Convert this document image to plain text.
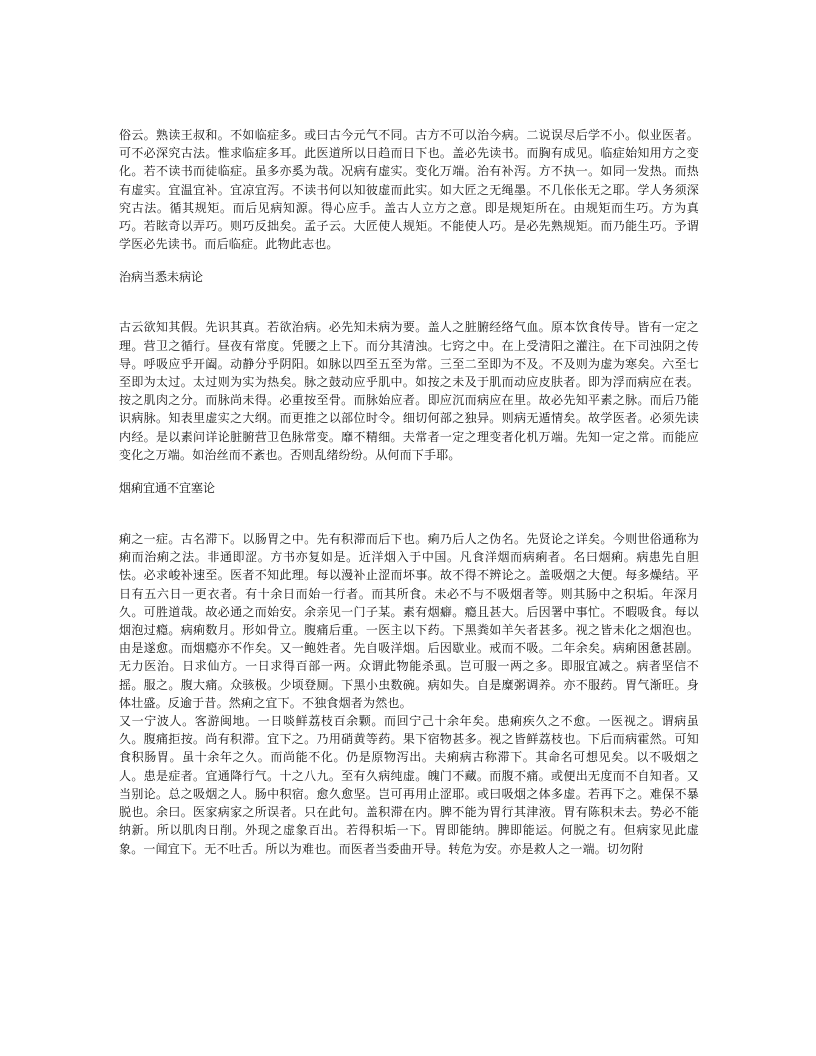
俗云。熟读王叔和。不如临症多。或曰古今元气不同。古方不可以治今病。二说误尽后学不小。似业医者。可不必深究古法。惟求临症多耳。此医道所以日趋而日下也。盖必先读书。而胸有成见。临症始知用方之变化。若不读书而徒临症。虽多亦奚为哉。况病有虚实。变化万端。治有补泻。方不执一。如同一发热。而热有虚实。宜温宜补。宜凉宜泻。不读书何以知彼虚而此实。如大匠之无绳墨。不几伥伥无之耶。学人务须深究古法。循其规矩。而后见病知源。得心应手。盖古人立方之意。即是规矩所在。由规矩而生巧。方为真巧。若眩奇以弄巧。则巧反拙矣。孟子云。大匠使人规矩。不能使人巧。是必先熟规矩。而乃能生巧。予谓学医必先读书。而后临症。此物此志也。

治病当悉未病论

古云欲知其假。先识其真。若欲治病。必先知未病为要。盖人之脏腑经络气血。原本饮食传导。皆有一定之理。营卫之循行。昼夜有常度。凭腰之上下。而分其清浊。七窍之中。在上受清阳之灌注。在下司浊阴之传导。呼吸应乎开阖。动静分乎阴阳。如脉以四至五至为常。三至二至即为不及。不及则为虚为寒矣。六至七至即为太过。太过则为实为热矣。脉之鼓动应乎肌中。如按之未及于肌而动应皮肤者。即为浮而病应在表。按之肌肉之分。而脉尚未得。必重按至骨。而脉始应者。即应沉而病应在里。故必先知平素之脉。而后乃能识病脉。知表里虚实之大纲。而更推之以部位时令。细切何部之独异。则病无遁情矣。故学医者。必须先读内经。是以素问详论脏腑营卫色脉常变。靡不精细。夫常者一定之理变者化机万端。先知一定之常。而能应变化之万端。如治丝而不紊也。否则乱绪纷纷。从何而下手耶。

烟痢宜通不宜塞论

痢之一症。古名滞下。以肠胃之中。先有积滞而后下也。痢乃后人之伪名。先贤论之详矣。今则世俗通称为痢而治痢之法。非通即涩。方书亦复如是。近洋烟入于中国。凡食洋烟而病痢者。名曰烟痢。病患先自胆怯。必求峻补速至。医者不知此理。每以漫补止涩而坏事。故不得不辨论之。盖吸烟之大便。每多燥结。平日有五六日一更衣者。有十余日而始一行者。而其所食。未必不与不吸烟者等。则其肠中之积垢。年深月久。可胜道哉。故必通之而始安。余亲见一门子某。素有烟癖。瘾且甚大。后因署中事忙。不暇吸食。每以烟泡过瘾。病痢数月。形如骨立。腹痛后重。一医主以下药。下黑粪如羊矢者甚多。视之皆未化之烟泡也。由是遂愈。而烟瘾亦不作矣。又一鲍姓者。先自吸洋烟。后因歇业。戒而不吸。二年余矣。病痢困惫甚剧。无力医治。日求仙方。一日求得百部一两。众谓此物能杀虱。岂可服一两之多。即服宜减之。病者坚信不摇。服之。腹大痛。众骇极。少顷登厕。下黑小虫数碗。病如失。自是糜粥调养。亦不服药。胃气渐旺。身体壮盛。反逾于昔。然痢之宜下。不独食烟者为然也。

又一宁波人。客游闽地。一日啖鲜荔枝百余颗。而回宁己十余年矣。患痢疾久之不愈。一医视之。谓病虽久。腹痛拒按。尚有积滞。宜下之。乃用硝黄等药。果下宿物甚多。视之皆鲜荔枝也。下后而病霍然。可知食积肠胃。虽十余年之久。而尚能不化。仍是原物泻出。夫痢病古称滞下。其命名可想见矣。以不吸烟之人。患是症者。宜通降行气。十之八九。至有久病纯虚。魄门不藏。而腹不痛。或便出无度而不自知者。又当别论。总之吸烟之人。肠中积宿。愈久愈坚。岂可再用止涩耶。或曰吸烟之体多虚。若再下之。难保不暴脱也。余曰。医家病家之所误者。只在此句。盖积滞在内。脾不能为胃行其津液。胃有陈积未去。势必不能纳新。所以肌肉日削。外现之虚象百出。若得积垢一下。胃即能纳。脾即能运。何脱之有。但病家见此虚象。一闻宜下。无不吐舌。所以为难也。而医者当委曲开导。转危为安。亦是救人之一端。切勿附
